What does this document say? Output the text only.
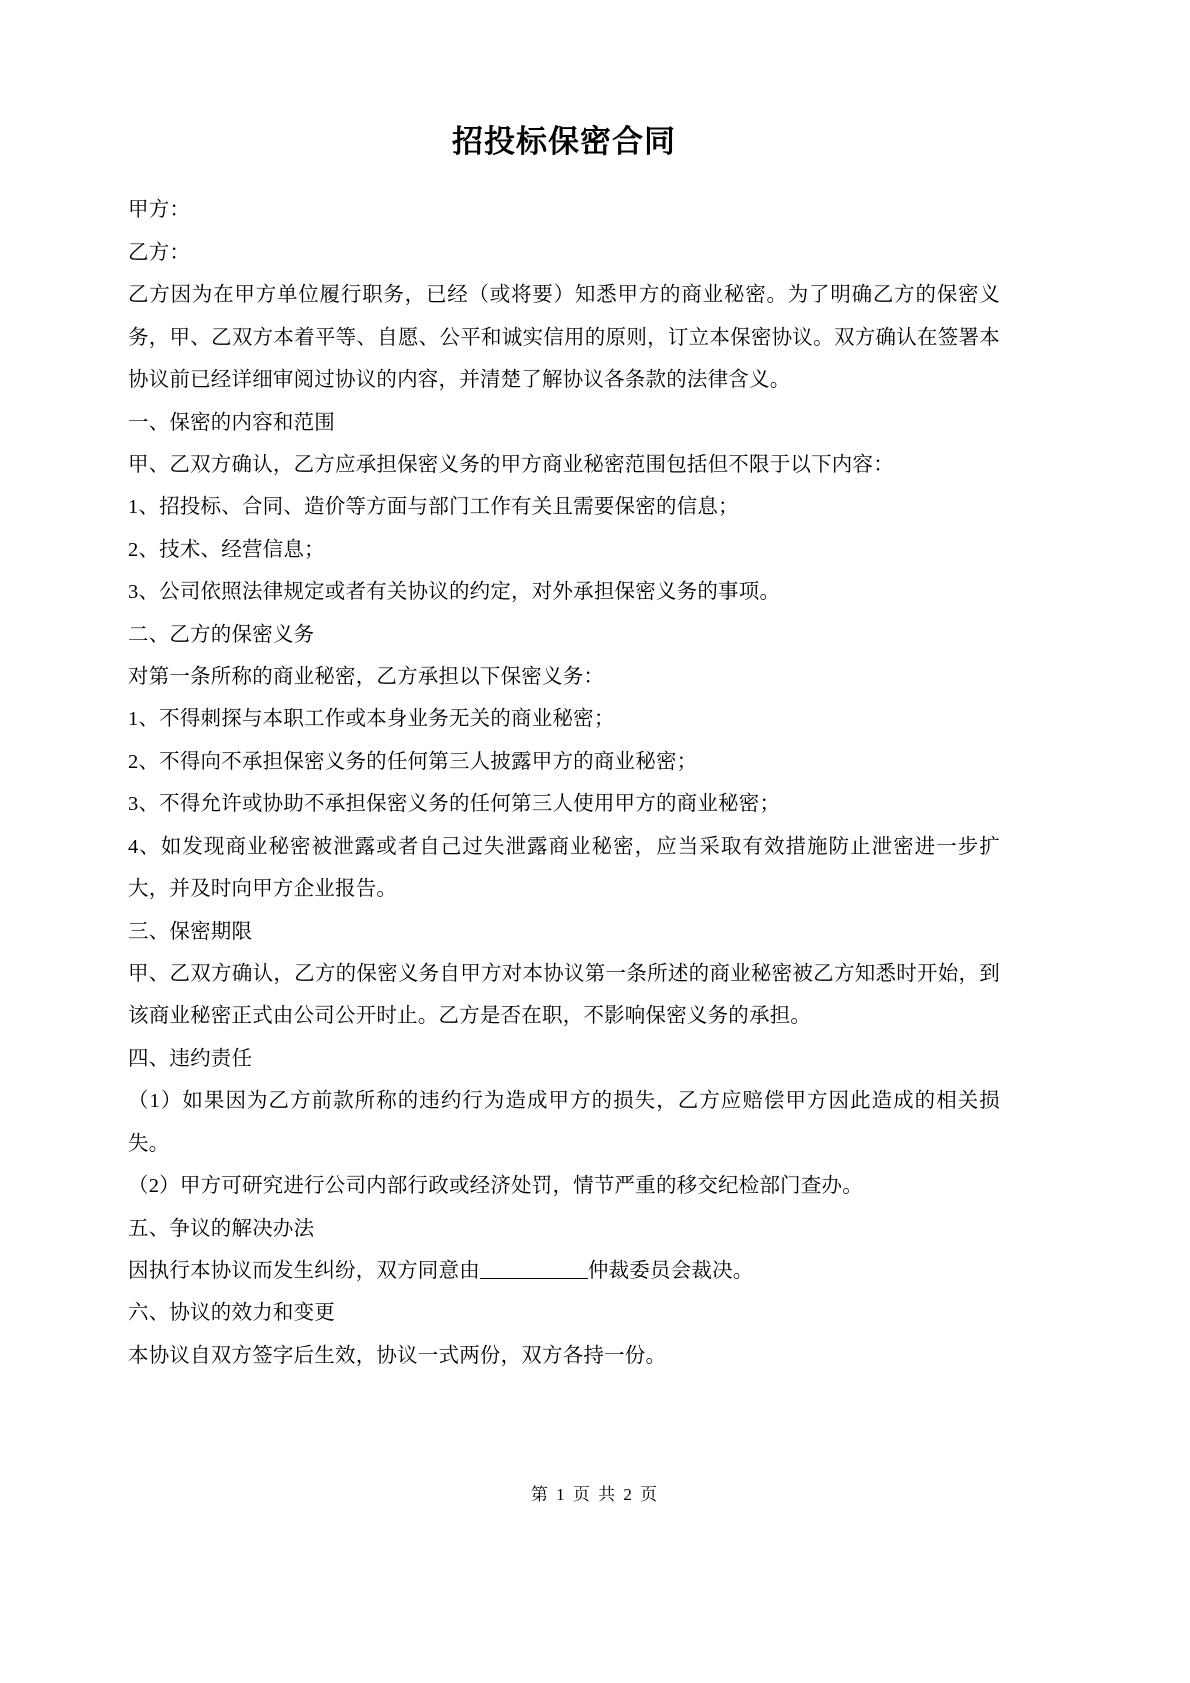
招投标保密合同

甲方：

乙方：

乙方因为在甲方单位履行职务，已经（或将要）知悉甲方的商业秘密。为了明确乙方的保密义务，甲、乙双方本着平等、自愿、公平和诚实信用的原则，订立本保密协议。双方确认在签署本协议前已经详细审阅过协议的内容，并清楚了解协议各条款的法律含义。

一、保密的内容和范围

甲、乙双方确认，乙方应承担保密义务的甲方商业秘密范围包括但不限于以下内容：

1、招投标、合同、造价等方面与部门工作有关且需要保密的信息；

2、技术、经营信息；

3、公司依照法律规定或者有关协议的约定，对外承担保密义务的事项。

二、乙方的保密义务

对第一条所称的商业秘密，乙方承担以下保密义务：

1、不得刺探与本职工作或本身业务无关的商业秘密；

2、不得向不承担保密义务的任何第三人披露甲方的商业秘密；

3、不得允许或协助不承担保密义务的任何第三人使用甲方的商业秘密；

4、如发现商业秘密被泄露或者自己过失泄露商业秘密，应当采取有效措施防止泄密进一步扩大，并及时向甲方企业报告。

三、保密期限

甲、乙双方确认，乙方的保密义务自甲方对本协议第一条所述的商业秘密被乙方知悉时开始，到该商业秘密正式由公司公开时止。乙方是否在职，不影响保密义务的承担。

四、违约责任

（1）如果因为乙方前款所称的违约行为造成甲方的损失，乙方应赔偿甲方因此造成的相关损失。

（2）甲方可研究进行公司内部行政或经济处罚，情节严重的移交纪检部门查办。

五、争议的解决办法

因执行本协议而发生纠纷，双方同意由	仲裁委员会裁决。

六、协议的效力和变更

本协议自双方签字后生效，协议一式两份，双方各持一份。

第 1 页 共 2 页
